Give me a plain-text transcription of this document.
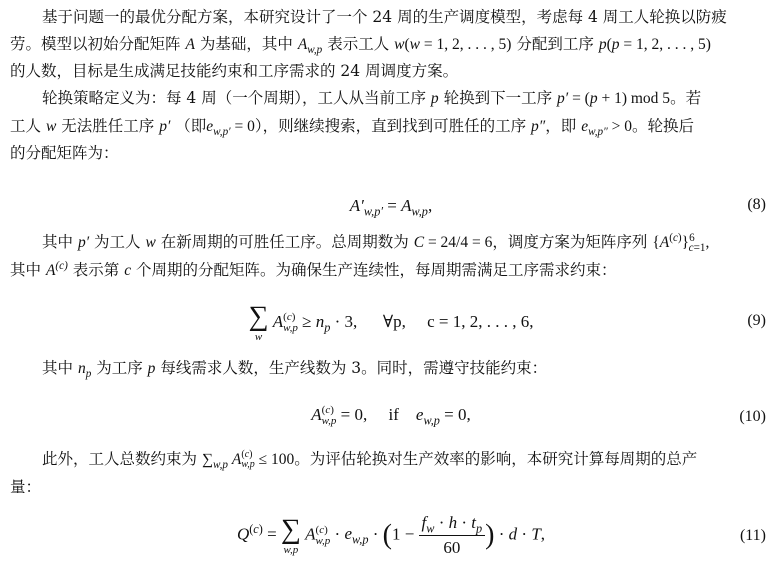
基于问题一的最优分配方案，本研究设计了一个 24 周的生产调度模型，考虑每 4 周工人轮换以防疲
劳。模型以初始分配矩阵 A 为基础，其中 $A_{w,p}$ 表示工人 w(w = 1, 2, . . . , 5) 分配到工序 p(p = 1, 2, . . . , 5)
的人数，目标是生成满足技能约束和工序需求的 24 周调度方案。
轮换策略定义为：每 4 周（一个周期），工人从当前工序 p 轮换到下一工序 p′ = (p + 1) mod 5。若
工人 w 无法胜任工序 p′ （即$e_{w,p'} = 0$），则继续搜索，直到找到可胜任的工序 p″，即 $e_{w,p''} > 0$。轮换后
的分配矩阵为：
$A'_{w,p'} = A_{w,p}$,	(8)
其中 p′ 为工人 w 在新周期的可胜任工序。总周期数为 C = 24/4 = 6，调度方案为矩阵序列 $\{A^{(c)}\}^6_{c=1}$,
其中 $A^{(c)}$ 表示第 c 个周期的分配矩阵。为确保生产连续性，每周期需满足工序需求约束：
∑
w
A (c)
$w,p \ge n_p \cdot 3$,      ∀p, c = 1, 2, . . . , 6,	(9)
其中 $n_p$ 为工序 p 每线需求人数，生产线数为 3。同时，需遵守技能约束：
A (c)
w,p = 0,     if $e_{w,p} = 0$,	(10)
此外，工人总数约束为 $\sum_{w,p}$ A (c)
w,p ≤ 100。为评估轮换对生产效率的影响，本研究计算每周期的总产
量：
$Q^{(c)}$ = ∑
w,p
A (c)
$w,p \cdot e_{w,p} \cdot (1 - \frac{f_w \cdot h \cdot t_p}{60}$ ) · d · T,	(11)
